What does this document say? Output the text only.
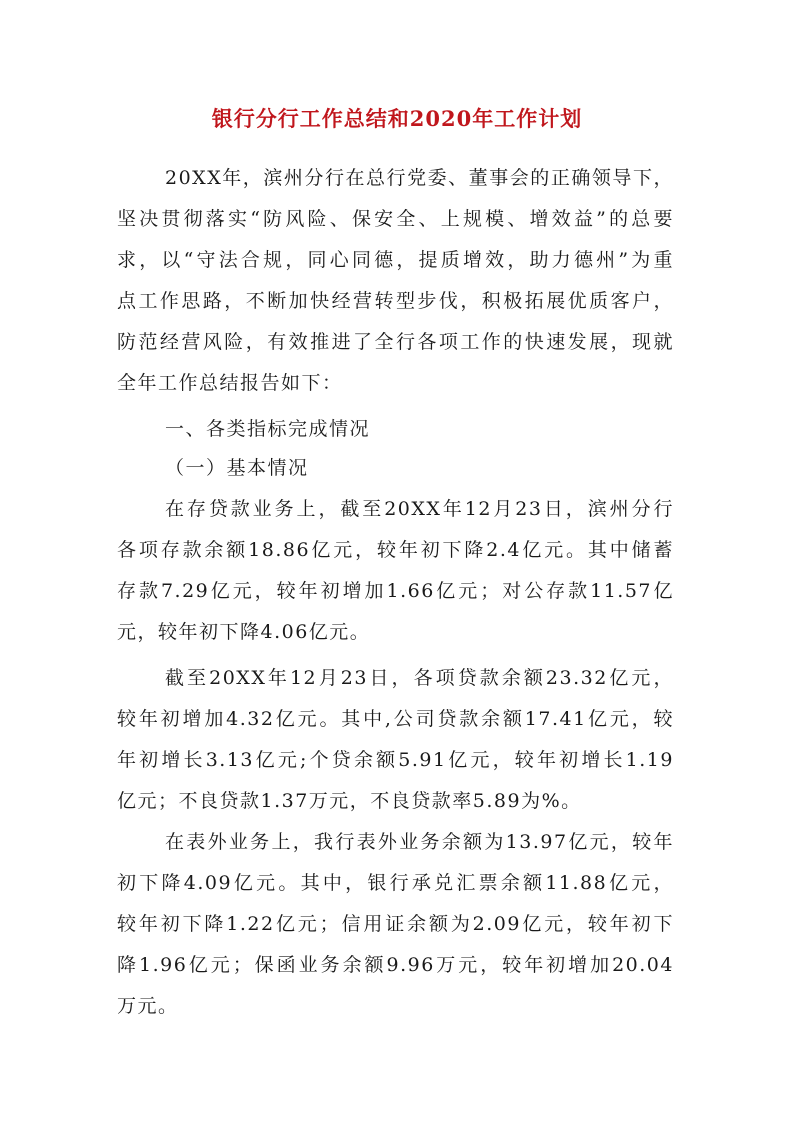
银行分行工作总结和2020年工作计划
20XX年，滨州分行在总行党委、董事会的正确领导下，
坚决贯彻落实“防风险、保安全、上规模、增效益”的总要
求，以“守法合规，同心同德，提质增效，助力德州”为重
点工作思路，不断加快经营转型步伐，积极拓展优质客户，
防范经营风险，有效推进了全行各项工作的快速发展，现就
全年工作总结报告如下：
一、各类指标完成情况
（一）基本情况
在存贷款业务上，截至20XX年12月23日，滨州分行
各项存款余额18.86亿元，较年初下降2.4亿元。其中储蓄
存款7.29亿元，较年初增加1.66亿元；对公存款11.57亿
元，较年初下降4.06亿元。
截至20XX年12月23日，各项贷款余额23.32亿元，
较年初增加4.32亿元。其中,公司贷款余额17.41亿元，较
年初增长3.13亿元;个贷余额5.91亿元，较年初增长1.19
亿元；不良贷款1.37万元，不良贷款率5.89为%。
在表外业务上，我行表外业务余额为13.97亿元，较年
初下降4.09亿元。其中，银行承兑汇票余额11.88亿元，
较年初下降1.22亿元；信用证余额为2.09亿元，较年初下
降1.96亿元；保函业务余额9.96万元，较年初增加20.04
万元。
